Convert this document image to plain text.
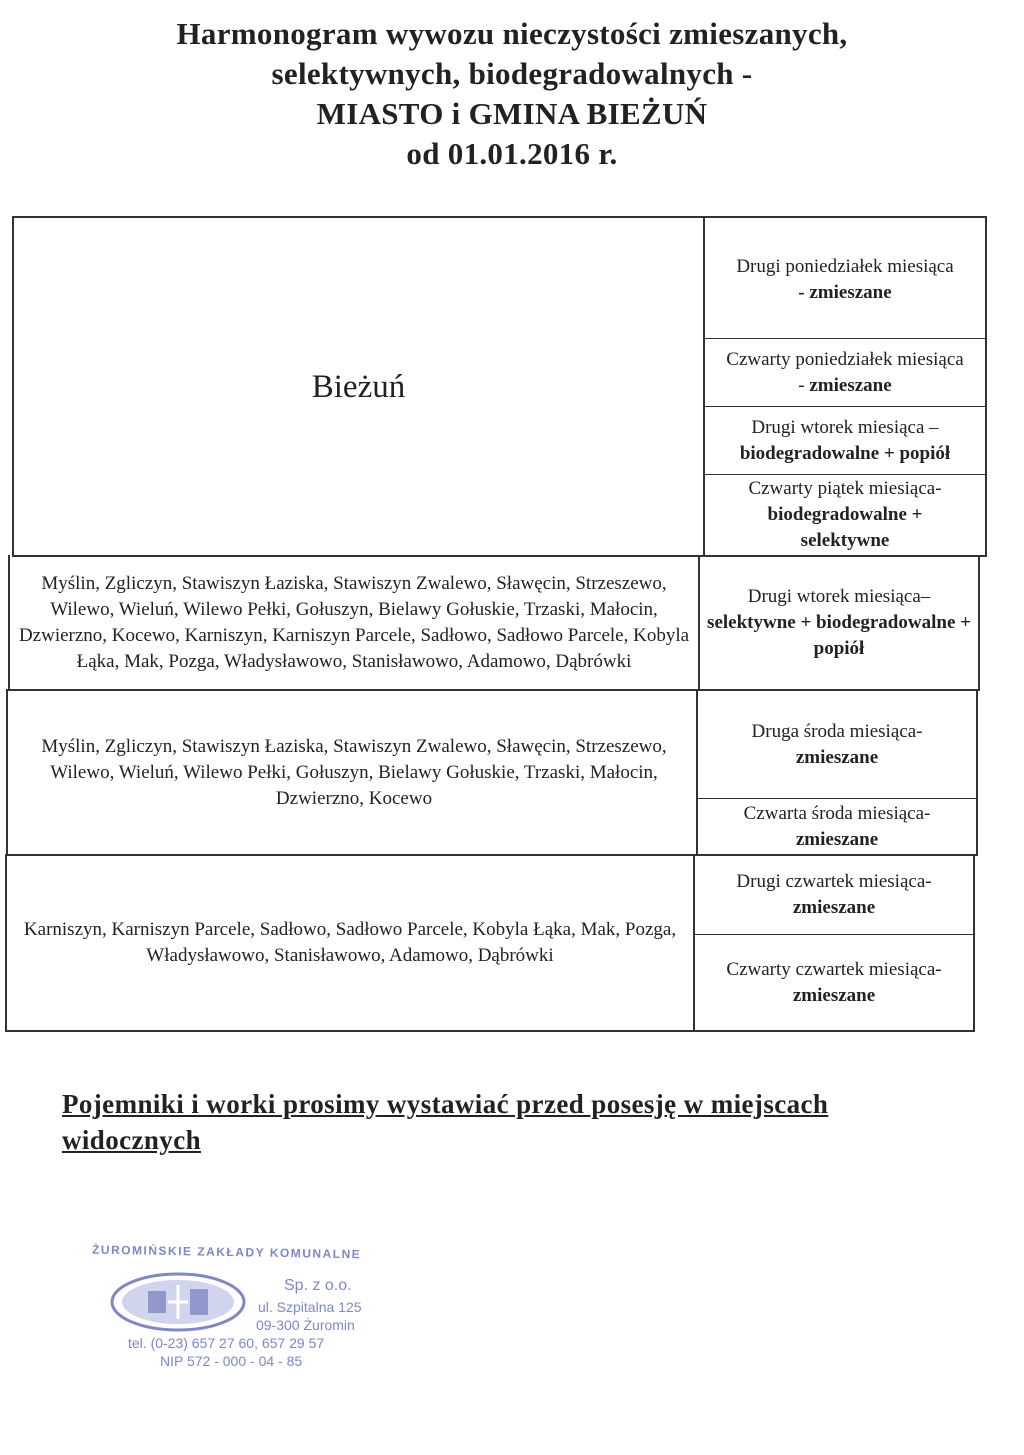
Harmonogram wywozu nieczystości zmieszanych,
selektywnych, biodegradowalnych -
MIASTO i GMINA BIEŻUŃ
od 01.01.2016 r.
Bieżuń
Drugi poniedziałek miesiąca
- zmieszane
Czwarty poniedziałek miesiąca - zmieszane
Drugi wtorek miesiąca –
biodegradowalne + popiół
Czwarty piątek miesiąca-
biodegradowalne + selektywne
Myślin, Zgliczyn, Stawiszyn Łaziska, Stawiszyn Zwalewo, Sławęcin, Strzeszewo, Wilewo, Wieluń, Wilewo Pełki, Gołuszyn, Bielawy Gołuskie, Trzaski, Małocin, Dzwierzno, Kocewo, Karniszyn, Karniszyn Parcele, Sadłowo, Sadłowo Parcele, Kobyla Łąka, Mak, Pozga, Władysławowo, Stanisławowo, Adamowo, Dąbrówki
Drugi wtorek miesiąca–
selektywne + biodegradowalne + popiół
Myślin, Zgliczyn, Stawiszyn Łaziska, Stawiszyn Zwalewo, Sławęcin, Strzeszewo, Wilewo, Wieluń, Wilewo Pełki, Gołuszyn, Bielawy Gołuskie, Trzaski, Małocin, Dzwierzno, Kocewo
Druga środa miesiąca-
zmieszane
Czwarta środa miesiąca-
zmieszane
Karniszyn, Karniszyn Parcele, Sadłowo, Sadłowo Parcele, Kobyla Łąka, Mak, Pozga, Władysławowo, Stanisławowo, Adamowo, Dąbrówki
Drugi czwartek miesiąca-
zmieszane
Czwarty czwartek miesiąca-
zmieszane
Pojemniki i worki prosimy wystawiać przed posesję w miejscach widocznych
ŻUROMIŃSKIE ZAKŁADY KOMUNALNE
Sp. z o.o.
ul. Szpitalna 125
09-300 Żuromin
tel. (0-23) 657 27 60, 657 29 57
NIP 572 - 000 - 04 - 85
